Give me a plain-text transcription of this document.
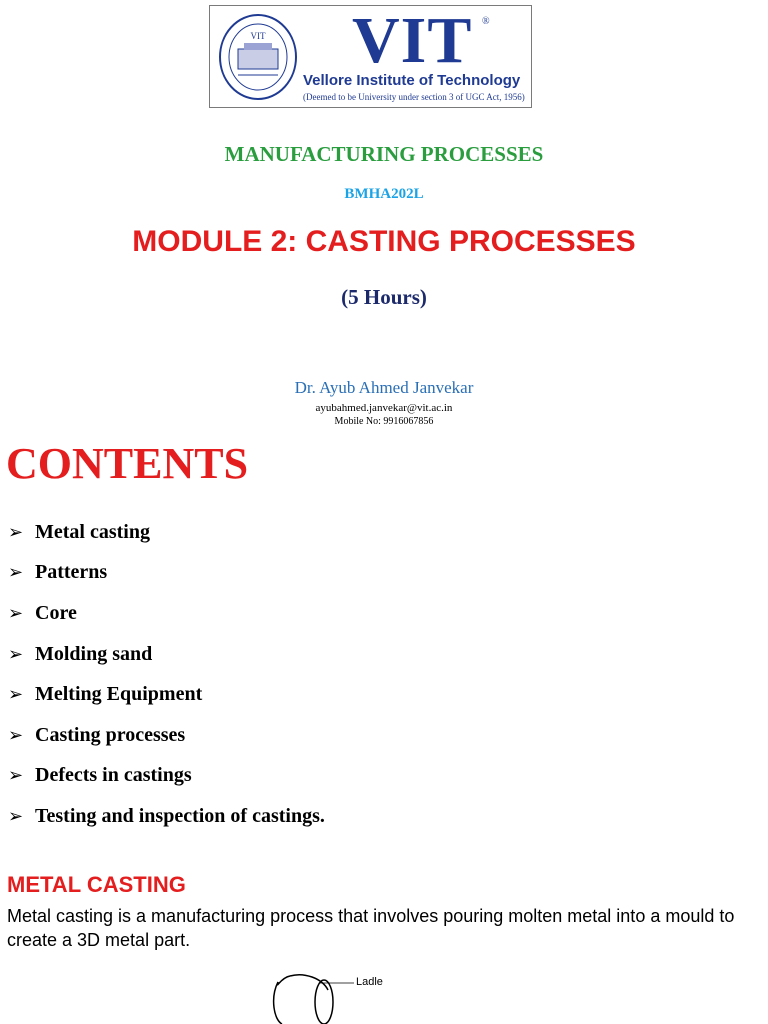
VIT VIT ®
Vellore Institute of Technology
(Deemed to be University under section 3 of UGC Act, 1956)
MANUFACTURING PROCESSES
BMHA202L
MODULE 2: CASTING PROCESSES
(5 Hours)
Dr. Ayub Ahmed Janvekar
ayubahmed.janvekar@vit.ac.in
Mobile No: 9916067856
CONTENTS
➢ Metal casting
➢ Patterns
➢ Core
➢ Molding sand
➢ Melting Equipment
➢ Casting processes
➢ Defects in castings
➢ Testing and inspection of castings.
METAL CASTING
Metal casting is a manufacturing process that involves pouring molten metal into a mould to create a 3D metal part.
Ladle
